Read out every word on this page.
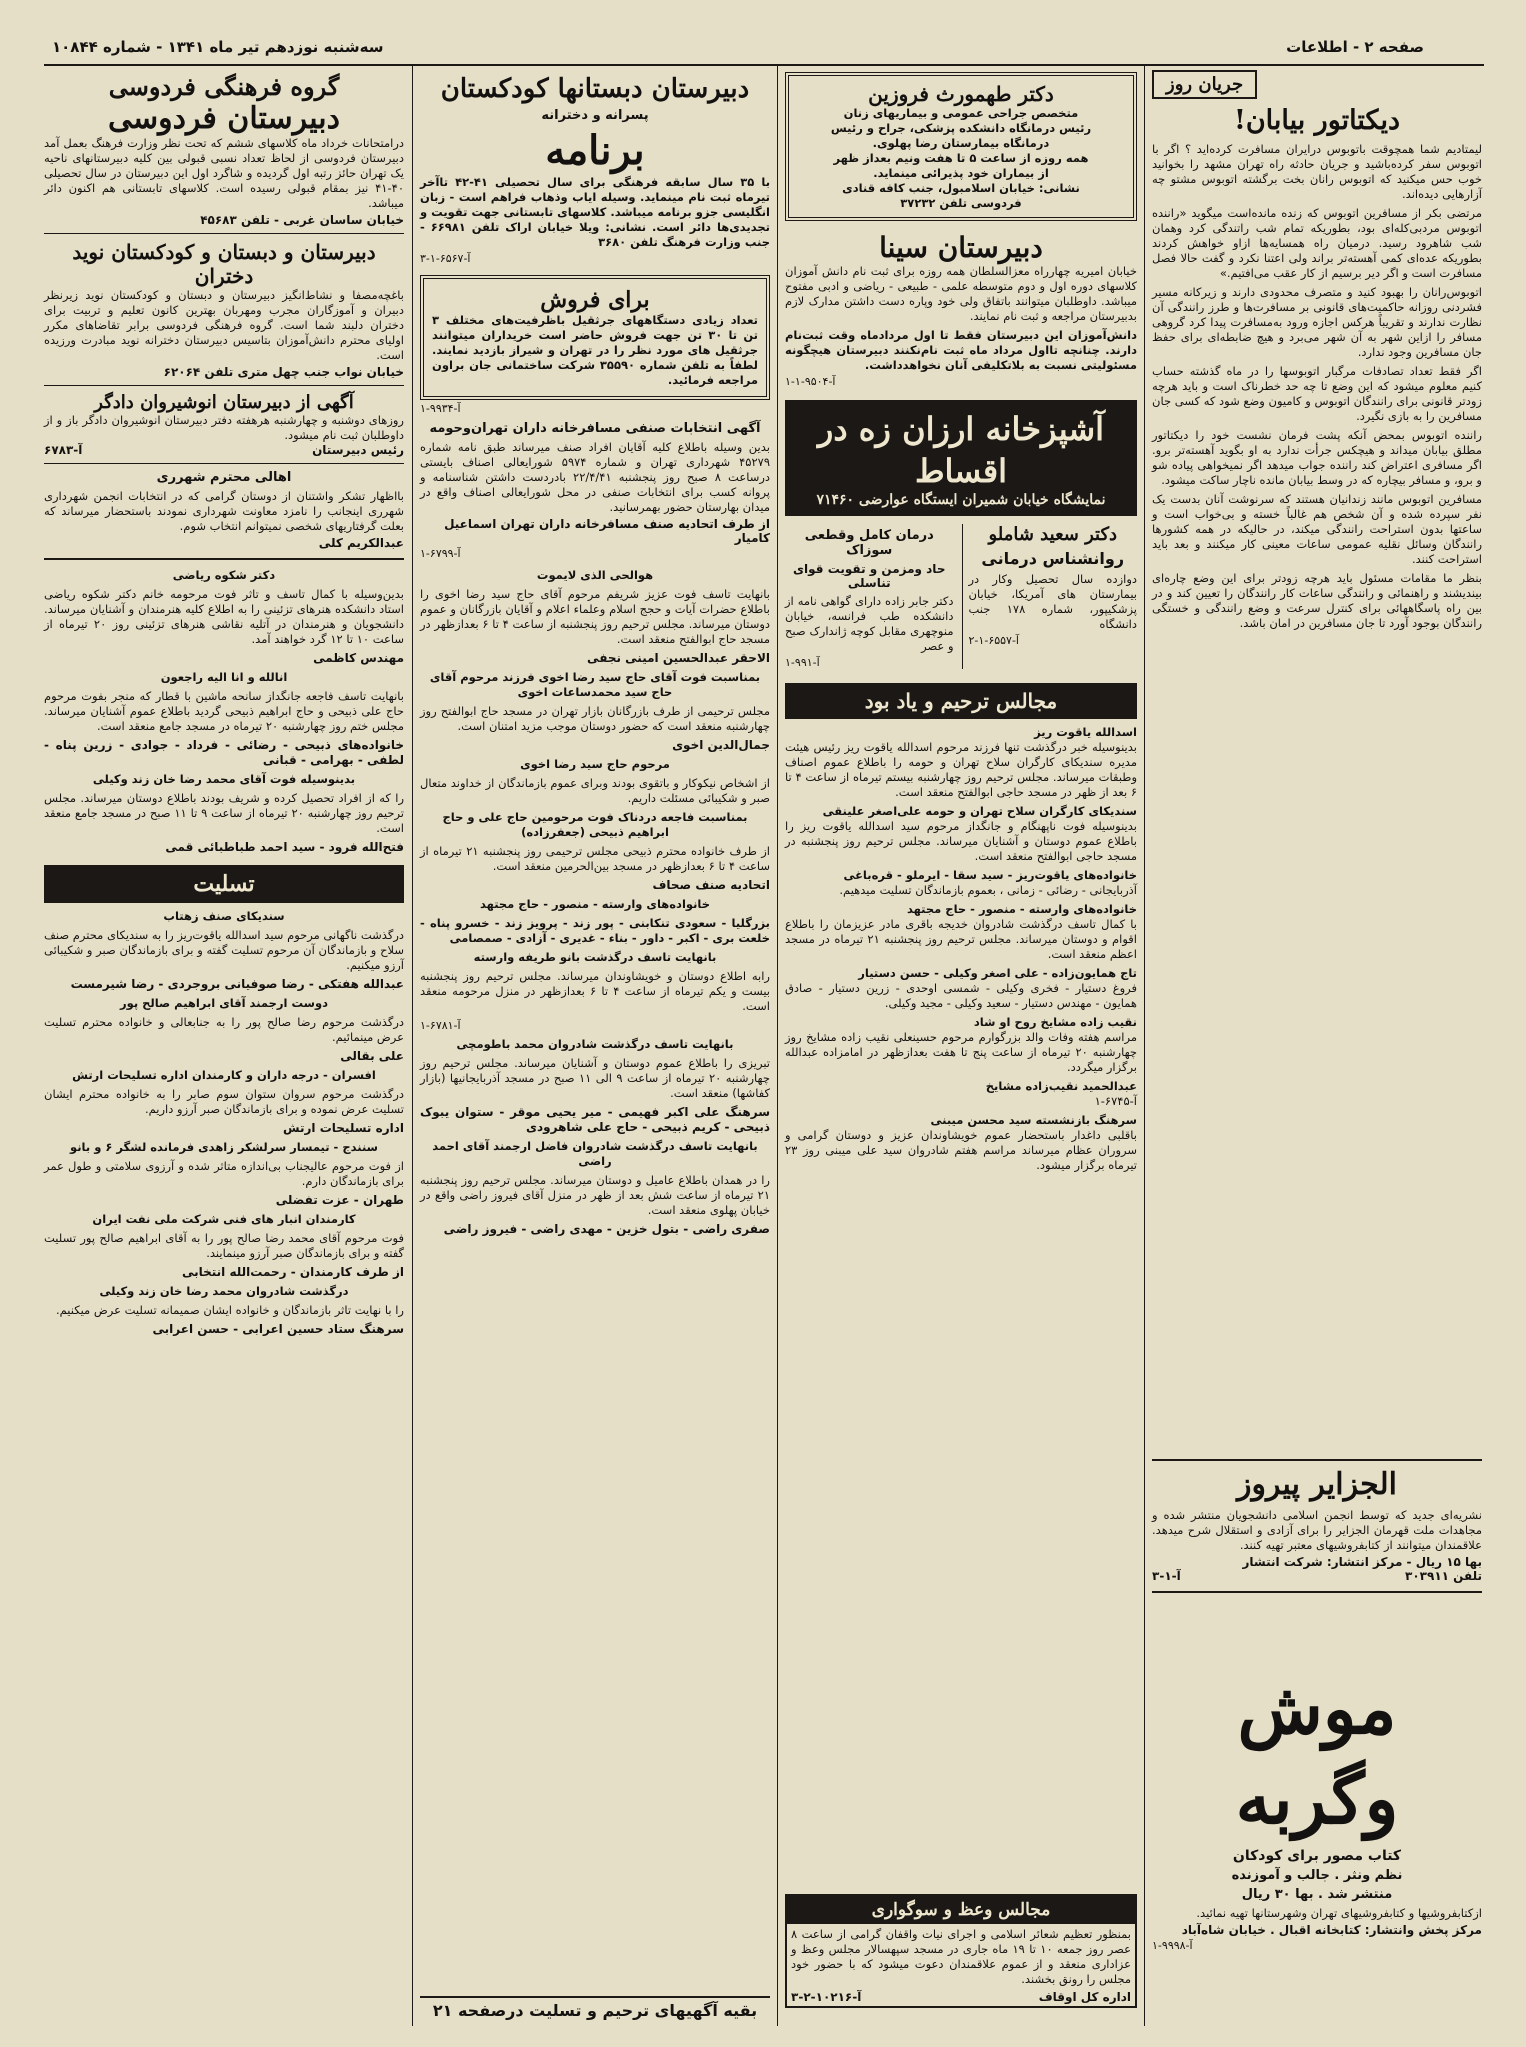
صفحه ۲ - اطلاعات
سه‌شنبه نوزدهم تیر ماه ۱۳۴۱ - شماره ۱۰۸۴۴
جریان روز
دیکتاتور بیابان!

لیمتادیم شما همچوقت باتوبوس درایران مسافرت کرده‌اید ؟ اگر با اتوبوس سفر کرده‌باشید و جریان حادثه راه تهران مشهد را بخوانید خوب حس میکنید که اتوبوس رانان بخت برگشته اتوبوس مشتو چه آزارهایی دیده‌اند.

مرتضی بکر از مسافرین اتوبوس که زنده مانده‌است میگوید «راننده اتوبوس مردبی‌کله‌ای بود، بطوریکه تمام شب راتندگی کرد وهمان شب شاهرود رسید. درمیان راه همسایه‌ها ازاو خواهش کردند بطوریکه عده‌ای کمی آهسته‌تر براند ولی اعتنا نکرد و گفت حالا فصل مسافرت است و اگر دیر برسیم از کار عقب می‌افتیم.»

اتوبوس‌رانان را بهبود کنید و متصرف محدودی دارند و زیرکانه مسیر فشردنی روزانه حاکمیت‌های قانونی بر مسافرت‌ها و طرز رانندگی آن نظارت ندارند و تقریباً هرکس اجازه ورود به‌مسافرت پیدا کرد گروهی مسافر را ازاین شهر به آن شهر می‌برد و هیچ ضابطه‌ای برای حفظ جان مسافرین وجود ندارد.

اگر فقط تعداد تصادفات مرگبار اتوبوسها را در ماه گذشته حساب کنیم معلوم میشود که این وضع تا چه حد خطرناک است و باید هرچه زودتر قانونی برای رانندگان اتوبوس و کامیون وضع شود که کسی جان مسافرین را به بازی نگیرد.

راننده اتوبوس بمحض آنکه پشت فرمان نشست خود را دیکتاتور مطلق بیابان میداند و هیچکس جرأت ندارد به او بگوید آهسته‌تر برو. اگر مسافری اعتراض کند راننده جواب میدهد اگر نمیخواهی پیاده شو و برو، و مسافر بیچاره که در وسط بیابان مانده ناچار ساکت میشود.

مسافرین اتوبوس مانند زندانیان هستند که سرنوشت آنان بدست یک نفر سپرده شده و آن شخص هم غالباً خسته و بی‌خواب است و ساعتها بدون استراحت رانندگی میکند، در حالیکه در همه کشورها رانندگان وسائل نقلیه عمومی ساعات معینی کار میکنند و بعد باید استراحت کنند.

بنظر ما مقامات مسئول باید هرچه زودتر برای این وضع چاره‌ای بیندیشند و راهنمائی و رانندگی ساعات کار رانندگان را تعیین کند و در بین راه پاسگاههائی برای کنترل سرعت و وضع رانندگی و خستگی رانندگان بوجود آورد تا جان مسافرین در امان باشد.

الجزایر پیروز
نشریه‌ای جدید که توسط انجمن اسلامی دانشجویان منتشر شده و مجاهدات ملت قهرمان الجزایر را برای آزادی و استقلال شرح میدهد. علاقمندان میتوانند از کتابفروشیهای معتبر تهیه کنند.
بها ۱۵ ریال - مرکز انتشار: شرکت انتشار
تلفن ۳۰۳۹۱۱
آ-۱-۳
موش وگربه
کتاب مصور برای کودکان
نظم ونثر . جالب و آموزنده
منتشر شد . بها ۳۰ ریال
ازکتابفروشیها و کتابفروشیهای تهران وشهرستانها تهیه نمائید.
مرکز پخش وانتشار: کتابخانه اقبال . خیابان شاه‌آباد
آ-۹۹۹۸-۱
دکتر طهمورث فروزین
متخصص جراحی عمومی و بیماریهای زنان
رئیس درمانگاه دانشکده پزشکی، جراح و رئیس
درمانگاه بیمارستان رضا پهلوی.
همه روزه از ساعت ۵ تا هفت ونیم بعداز ظهر
از بیماران خود پذیرائی مینماید.
نشانی: خیابان اسلامبول، جنب کافه قنادی
فردوسی تلفن ۳۷۲۳۲
دبیرستان سینا
خیابان امیریه چهارراه معزالسلطان همه روزه برای ثبت نام دانش آموزان کلاسهای دوره اول و دوم متوسطه علمی - طبیعی - ریاضی و ادبی مفتوح میباشد. داوطلبان میتوانند باتفاق ولی خود وپاره دست داشتن مدارک لازم بدبیرستان مراجعه و ثبت نام نمایند.
دانش‌آموزان این دبیرستان فقط تا اول مردادماه وقت ثبت‌نام دارند. چنانچه تااول مرداد ماه ثبت نام‌نکنند دبیرستان هیچگونه مسئولیتی نسبت به بلاتکلیفی آنان نخواهدداشت.
آ-۹۵۰۴-۱-۱
آشپزخانه ارزان زه در اقساط
نمایشگاه خیابان شمیران ایستگاه عوارضی ۷۱۴۶۰
دکتر سعید شاملو
روانشناس درمانی
دوازده سال تحصیل وکار در بیمارستان های آمریکا، خیابان پزشکیپور، شماره ۱۷۸ جنب دانشگاه
آ-۶۵۵۷-۱-۲
درمان کامل وقطعی سوزاک
حاد ومزمن و تقویت قوای تناسلی
دکتر جابر زاده دارای گواهی نامه از دانشکده طب فرانسه، خیابان منوچهری مقابل کوچه ژاندارک صبح و عصر
آ-۹۹۱-۱
مجالس ترحیم و یاد بود

اسدالله یاقوت ریز
بدینوسیله خبر درگذشت تنها فرزند مرحوم اسدالله یاقوت ریز رئیس هیئت مدیره سندیکای کارگران سلاح تهران و حومه را باطلاع عموم اصناف وطبقات میرساند. مجلس ترحیم روز چهارشنبه بیستم تیرماه از ساعت ۴ تا ۶ بعد از ظهر در مسجد حاجی ابوالفتح منعقد است.

سندیکای کارگران سلاح تهران و حومه علی‌اصغر علینقی
بدینوسیله فوت ناپهنگام و جانگداز مرحوم سید اسدالله یاقوت ریز را باطلاع عموم دوستان و آشنایان میرساند. مجلس ترحیم روز پنجشنبه در مسجد حاجی ابوالفتح منعقد است.

خانواده‌های یاقوت‌ریز - سید سقا - ایرملو - قره‌باغی
آذربایجانی - رضائی - زمانی ، بعموم بازماندگان تسلیت میدهیم.

خانواده‌های وارسته - منصور - حاج مجتهد
با کمال تاسف درگذشت شادروان خدیجه باقری مادر عزیزمان را باطلاع اقوام و دوستان میرساند. مجلس ترحیم روز پنجشنبه ۲۱ تیرماه در مسجد اعظم منعقد است.

تاج همایون‌زاده - علی اصغر وکیلی - حسن دستیار
فروغ دستیار - فخری وکیلی - شمسی اوحدی - زرین دستیار - صادق همایون - مهندس دستیار - سعید وکیلی - مجید وکیلی.

نقیب زاده مشایخ روح او شاد
مراسم هفته وفات والد بزرگوارم مرحوم حسینعلی نقیب زاده مشایخ روز چهارشنبه ۲۰ تیرماه از ساعت پنج تا هفت بعدازظهر در امامزاده عبدالله برگزار میگردد.

عبدالحمید نقیب‌زاده مشایخ
آ-۶۷۴۵-۱

سرهنگ بازنشسته سید محسن میبنی
باقلبی داغدار باستحضار عموم خویشاوندان عزیز و دوستان گرامی و سروران عظام میرساند مراسم هفتم شادروان سید علی میبنی روز ۲۳ تیرماه برگزار میشود.

مجالس وعظ و سوگواری
بمنظور تعظیم شعائر اسلامی و اجرای نیات واقفان گرامی از ساعت ۸ عصر روز جمعه ۱۰ تا ۱۹ ماه جاری در مسجد سپهسالار مجلس وعظ و عزاداری منعقد و از عموم علاقمندان دعوت میشود که با حضور خود مجلس را رونق بخشند.
اداره کل اوقاف
آ-۱۰۲۱۶-۲-۳
دبیرستان دبستانها کودکستان
پسرانه و دخترانه
برنامه
با ۳۵ سال سابقه فرهنگی برای سال تحصیلی ۴۱-۴۲ تاآخر تیرماه ثبت نام مینماید. وسیله ایاب وذهاب فراهم است - زبان انگلیسی جزو برنامه میباشد. کلاسهای تابستانی جهت تقویت و تجدیدی‌ها دائر است. نشانی: ویلا خیابان اراک تلفن ۶۶۹۸۱ - جنب وزارت فرهنگ تلفن ۳۶۸۰
آ-۶۵۶۷-۱-۳
برای فروش
تعداد زیادی دستگاههای جرثقیل باظرفیت‌های مختلف ۳ تن تا ۳۰ تن جهت فروش حاضر است خریداران میتوانند جرثقیل های مورد نظر را در تهران و شیراز بازدید نمایند. لطفاً به تلفن شماره ۳۵۵۹۰ شرکت ساختمانی جان براون مراجعه فرمائید.
آ-۹۹۳۴-۱
آگهی انتخابات صنفی مسافرخانه داران تهران‌وحومه
بدین وسیله باطلاع کلیه آقایان افراد صنف میرساند طبق نامه شماره ۴۵۲۷۹ شهرداری تهران و شماره ۵۹۷۴ شورایعالی اصناف بایستی درساعت ۸ صبح روز پنجشنبه ۲۲/۴/۴۱ بادردست داشتن شناسنامه و پروانه کسب برای انتخابات صنفی در محل شورایعالی اصناف واقع در میدان بهارستان حضور بهمرسانید.
از طرف اتحادیه صنف مسافرخانه داران تهران اسماعیل کامیار
آ-۶۷۹۹-۱
هوالحی الذی لایموت

بانهایت تاسف فوت عزیز شریفم مرحوم آقای حاج سید رضا اخوی را باطلاع حضرات آیات و حجج اسلام وعلماء اعلام و آقایان بازرگانان و عموم دوستان میرساند. مجلس ترحیم روز پنجشنبه از ساعت ۴ تا ۶ بعدازظهر در مسجد حاج ابوالفتح منعقد است.

الاحقر عبدالحسین امینی نجفی
بمناسبت فوت آقای حاج سید رضا اخوی فرزند مرحوم آقای حاج سید محمدساعات اخوی

مجلس ترحیمی از طرف بازرگانان بازار تهران در مسجد حاج ابوالفتح روز چهارشنبه منعقد است که حضور دوستان موجب مزید امتنان است.

جمال‌الدین اخوی
مرحوم حاج سید رضا اخوی

از اشخاص نیکوکار و باتقوی بودند وبرای عموم بازماندگان از خداوند متعال صبر و شکیبائی مسئلت داریم.

بمناسبت فاجعه دردناک فوت مرحومین حاج علی و حاج ابراهیم ذبیحی (جعفرزاده)

از طرف خانواده محترم ذبیحی مجلس ترحیمی روز پنجشنبه ۲۱ تیرماه از ساعت ۴ تا ۶ بعدازظهر در مسجد بین‌الحرمین منعقد است.

اتحادیه صنف صحاف
خانواده‌های وارسته - منصور - حاج مجتهد

بزرگلیا - سعودی تنکابنی - پور زند - پرویز زند - خسرو پناه - خلعت بری - اکبر - داور - بناء - غدیری - آزادی - صمصامی

بانهایت تاسف درگذشت بانو طریفه وارسته

رابه اطلاع دوستان و خویشاوندان میرساند. مجلس ترحیم روز پنجشنبه بیست و یکم تیرماه از ساعت ۴ تا ۶ بعدازظهر در منزل مرحومه منعقد است.

آ-۶۷۸۱-۱
بانهایت تاسف درگذشت شادروان محمد باطومچی

تبریزی را باطلاع عموم دوستان و آشنایان میرساند. مجلس ترحیم روز چهارشنبه ۲۰ تیرماه از ساعت ۹ الی ۱۱ صبح در مسجد آذربایجانیها (بازار کفاشها) منعقد است.

سرهنگ علی اکبر فهیمی - میر یحیی موقر - ستوان یبوک ذبیحی - کریم ذبیحی - حاج علی شاهرودی
بانهایت تاسف درگذشت شادروان فاضل ارجمند آقای احمد راضی

را در همدان باطلاع عامیل و دوستان میرساند. مجلس ترحیم روز پنجشنبه ۲۱ تیرماه از ساعت شش بعد از ظهر در منزل آقای فیروز راضی واقع در خیابان پهلوی منعقد است.

صفری راضی - بتول خزین - مهدی راضی - فیروز راضی
بقیه آگهیهای ترحیم و تسلیت درصفحه ۲۱
گروه فرهنگی فردوسی
دبیرستان فردوسی
درامتحانات خرداد ماه کلاسهای ششم که تحت نظر وزارت فرهنگ بعمل آمد دبیرستان فردوسی از لحاظ تعداد نسبی قبولی بین کلیه دبیرستانهای ناحیه یک تهران حائز رتبه اول گردیده و شاگرد اول این دبیرستان در سال تحصیلی ۴۰-۴۱ نیز بمقام قبولی رسیده است. کلاسهای تابستانی هم اکنون دائر میباشد.
خیابان ساسان غربی - تلفن ۴۵۶۸۳
دبیرستان و دبستان و کودکستان نوید دختران
باغچه‌مصفا و نشاط‌انگیز دبیرستان و دبستان و کودکستان نوید زیرنظر دبیران و آموزگاران مجرب ومهربان بهترین کانون تعلیم و تربیت برای دختران دلبند شما است. گروه فرهنگی فردوسی برابر تقاضاهای مکرر اولیای محترم دانش‌آموزان بتاسیس دبیرستان دخترانه نوید مبادرت ورزیده است.
خیابان نواب جنب چهل متری تلفن ۶۲۰۶۴
آگهی از دبیرستان انوشیروان دادگر
روزهای دوشنبه و چهارشنبه هرهفته دفتر دبیرستان انوشیروان دادگر باز و از داوطلبان ثبت نام میشود.
رئیس دبیرستان
آ-۶۷۸۳
اهالی محترم شهرری
بااظهار تشکر واشتنان از دوستان گرامی که در انتخابات انجمن شهرداری شهرری اینجانب را نامزد معاونت شهرداری نمودند باستحضار میرساند که بعلت گرفتاریهای شخصی نمیتوانم انتخاب شوم.
عبدالکریم کلی
دکتر شکوه ریاضی

بدین‌وسیله با کمال تاسف و تاثر فوت مرحومه خانم دکتر شکوه ریاضی استاد دانشکده هنرهای تزئینی را به اطلاع کلیه هنرمندان و آشنایان میرساند. دانشجویان و هنرمندان در آتلیه نقاشی هنرهای تزئینی روز ۲۰ تیرماه از ساعت ۱۰ تا ۱۲ گرد خواهند آمد.

مهندس کاظمی
انالله و انا الیه راجعون

بانهایت تاسف فاجعه جانگداز سانحه ماشین با قطار که منجر بفوت مرحوم حاج علی ذبیحی و حاج ابراهیم ذبیحی گردید باطلاع عموم آشنایان میرساند. مجلس ختم روز چهارشنبه ۲۰ تیرماه در مسجد جامع منعقد است.

خانواده‌های ذبیحی - رضائی - فرداد - جوادی - زرین پناه - لطفی - بهرامی - قبانی
بدینوسیله فوت آقای محمد رضا خان زند وکیلی

را که از افراد تحصیل کرده و شریف بودند باطلاع دوستان میرساند. مجلس ترحیم روز چهارشنبه ۲۰ تیرماه از ساعت ۹ تا ۱۱ صبح در مسجد جامع منعقد است.

فتح‌الله فرود - سید احمد طباطبائی قمی
تسلیت
سندیکای صنف زهتاب

درگذشت ناگهانی مرحوم سید اسدالله یاقوت‌ریز را به سندیکای محترم صنف سلاح و بازماندگان آن مرحوم تسلیت گفته و برای بازماندگان صبر و شکیبائی آرزو میکنیم.

عبدالله هفتکی - رضا صوفیانی بروجردی - رضا شیرمست
دوست ارجمند آقای ابراهیم صالح پور

درگذشت مرحوم رضا صالح پور را به جنابعالی و خانواده محترم تسلیت عرض مینمائیم.

علی بقالی
افسران - درجه داران و کارمندان اداره تسلیحات ارتش

درگذشت مرحوم سروان ستوان سوم صابر را به خانواده محترم ایشان تسلیت عرض نموده و برای بازماندگان صبر آرزو داریم.

اداره تسلیحات ارتش
سنندج - تیمسار سرلشکر زاهدی فرمانده لشگر ۶ و بانو

از فوت مرحوم عالیجناب بی‌اندازه متاثر شده و آرزوی سلامتی و طول عمر برای بازماندگان دارم.

طهران - عزت تفضلی
کارمندان انبار های فنی شرکت ملی نفت ایران

فوت مرحوم آقای محمد رضا صالح پور را به آقای ابراهیم صالح پور تسلیت گفته و برای بازماندگان صبر آرزو مینمایند.

از طرف کارمندان - رحمت‌الله انتخابی
درگذشت شادروان محمد رضا خان زند وکیلی

را با نهایت تاثر بازماندگان و خانواده ایشان صمیمانه تسلیت عرض میکنیم.

سرهنگ ستاد حسین اعرابی - حسن اعرابی
